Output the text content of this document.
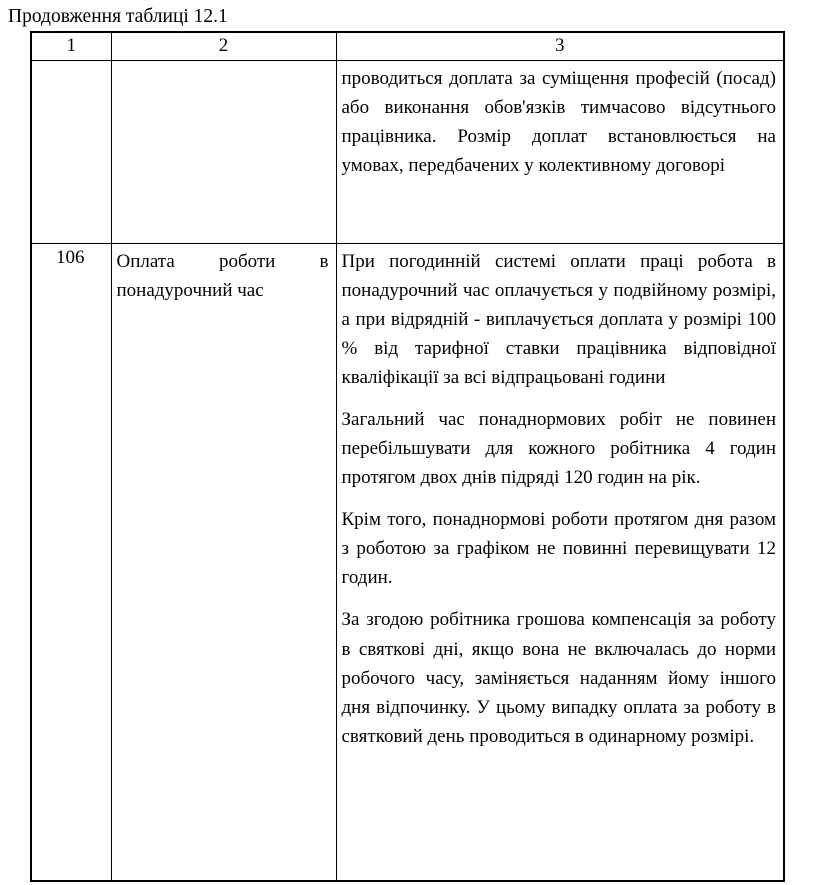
Продовження таблиці 12.1
1	2	3

		проводиться доплата за суміщення професій (посад) або виконання обов'язків тимчасово відсутнього працівника. Розмір доплат встановлюється на умовах, передбачених у колективному договорі

106	Оплата роботи в понадурочний час	При погодинній системі оплати праці робота в понадурочний час оплачується у подвійному розмірі, а при відрядній - виплачується доплата у розмірі 100 % від тарифної ставки працівника відповідної кваліфікації за всі відпрацьовані години

Загальний час понаднормових робіт не повинен перебільшувати для кожного робітника 4 годин протягом двох днів підряді 120 годин на рік.

Крім того, понаднормові роботи протягом дня разом з роботою за графіком не повинні перевищувати 12 годин.

За згодою робітника грошова компенсація за роботу в святкові дні, якщо вона не включалась до норми робочого часу, заміняється наданням йому іншого дня відпочинку. У цьому випадку оплата за роботу в святковий день проводиться в одинарному розмірі.
